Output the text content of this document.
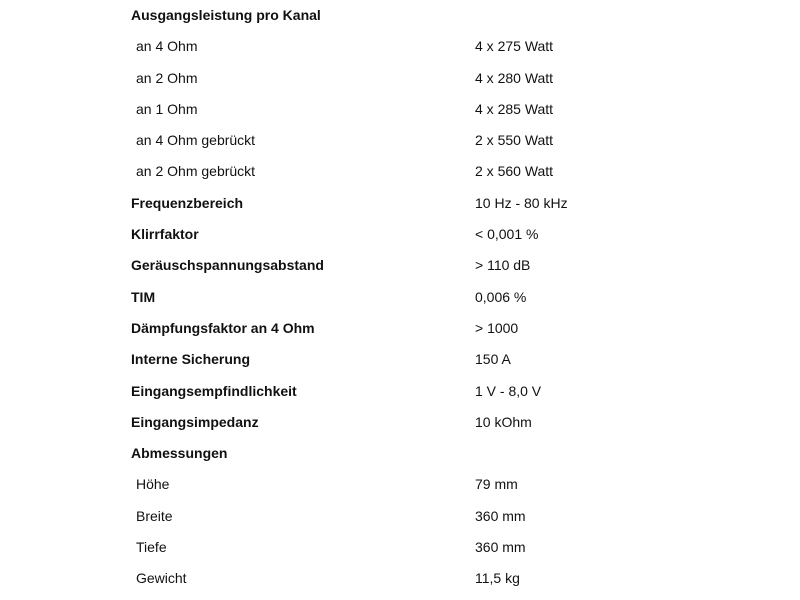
Ausgangsleistung pro Kanal
an 4 Ohm	4 x 275 Watt
an 2 Ohm	4 x 280 Watt
an 1 Ohm	4 x 285 Watt
an 4 Ohm gebrückt	2 x 550 Watt
an 2 Ohm gebrückt	2 x 560 Watt
Frequenzbereich	10 Hz - 80 kHz
Klirrfaktor	< 0,001 %
Geräuschspannungsabstand	> 110 dB
TIM	0,006 %
Dämpfungsfaktor an 4 Ohm	> 1000
Interne Sicherung	150 A
Eingangsempfindlichkeit	1 V - 8,0 V
Eingangsimpedanz	10 kOhm
Abmessungen
Höhe	79 mm
Breite	360 mm
Tiefe	360 mm
Gewicht	11,5 kg
